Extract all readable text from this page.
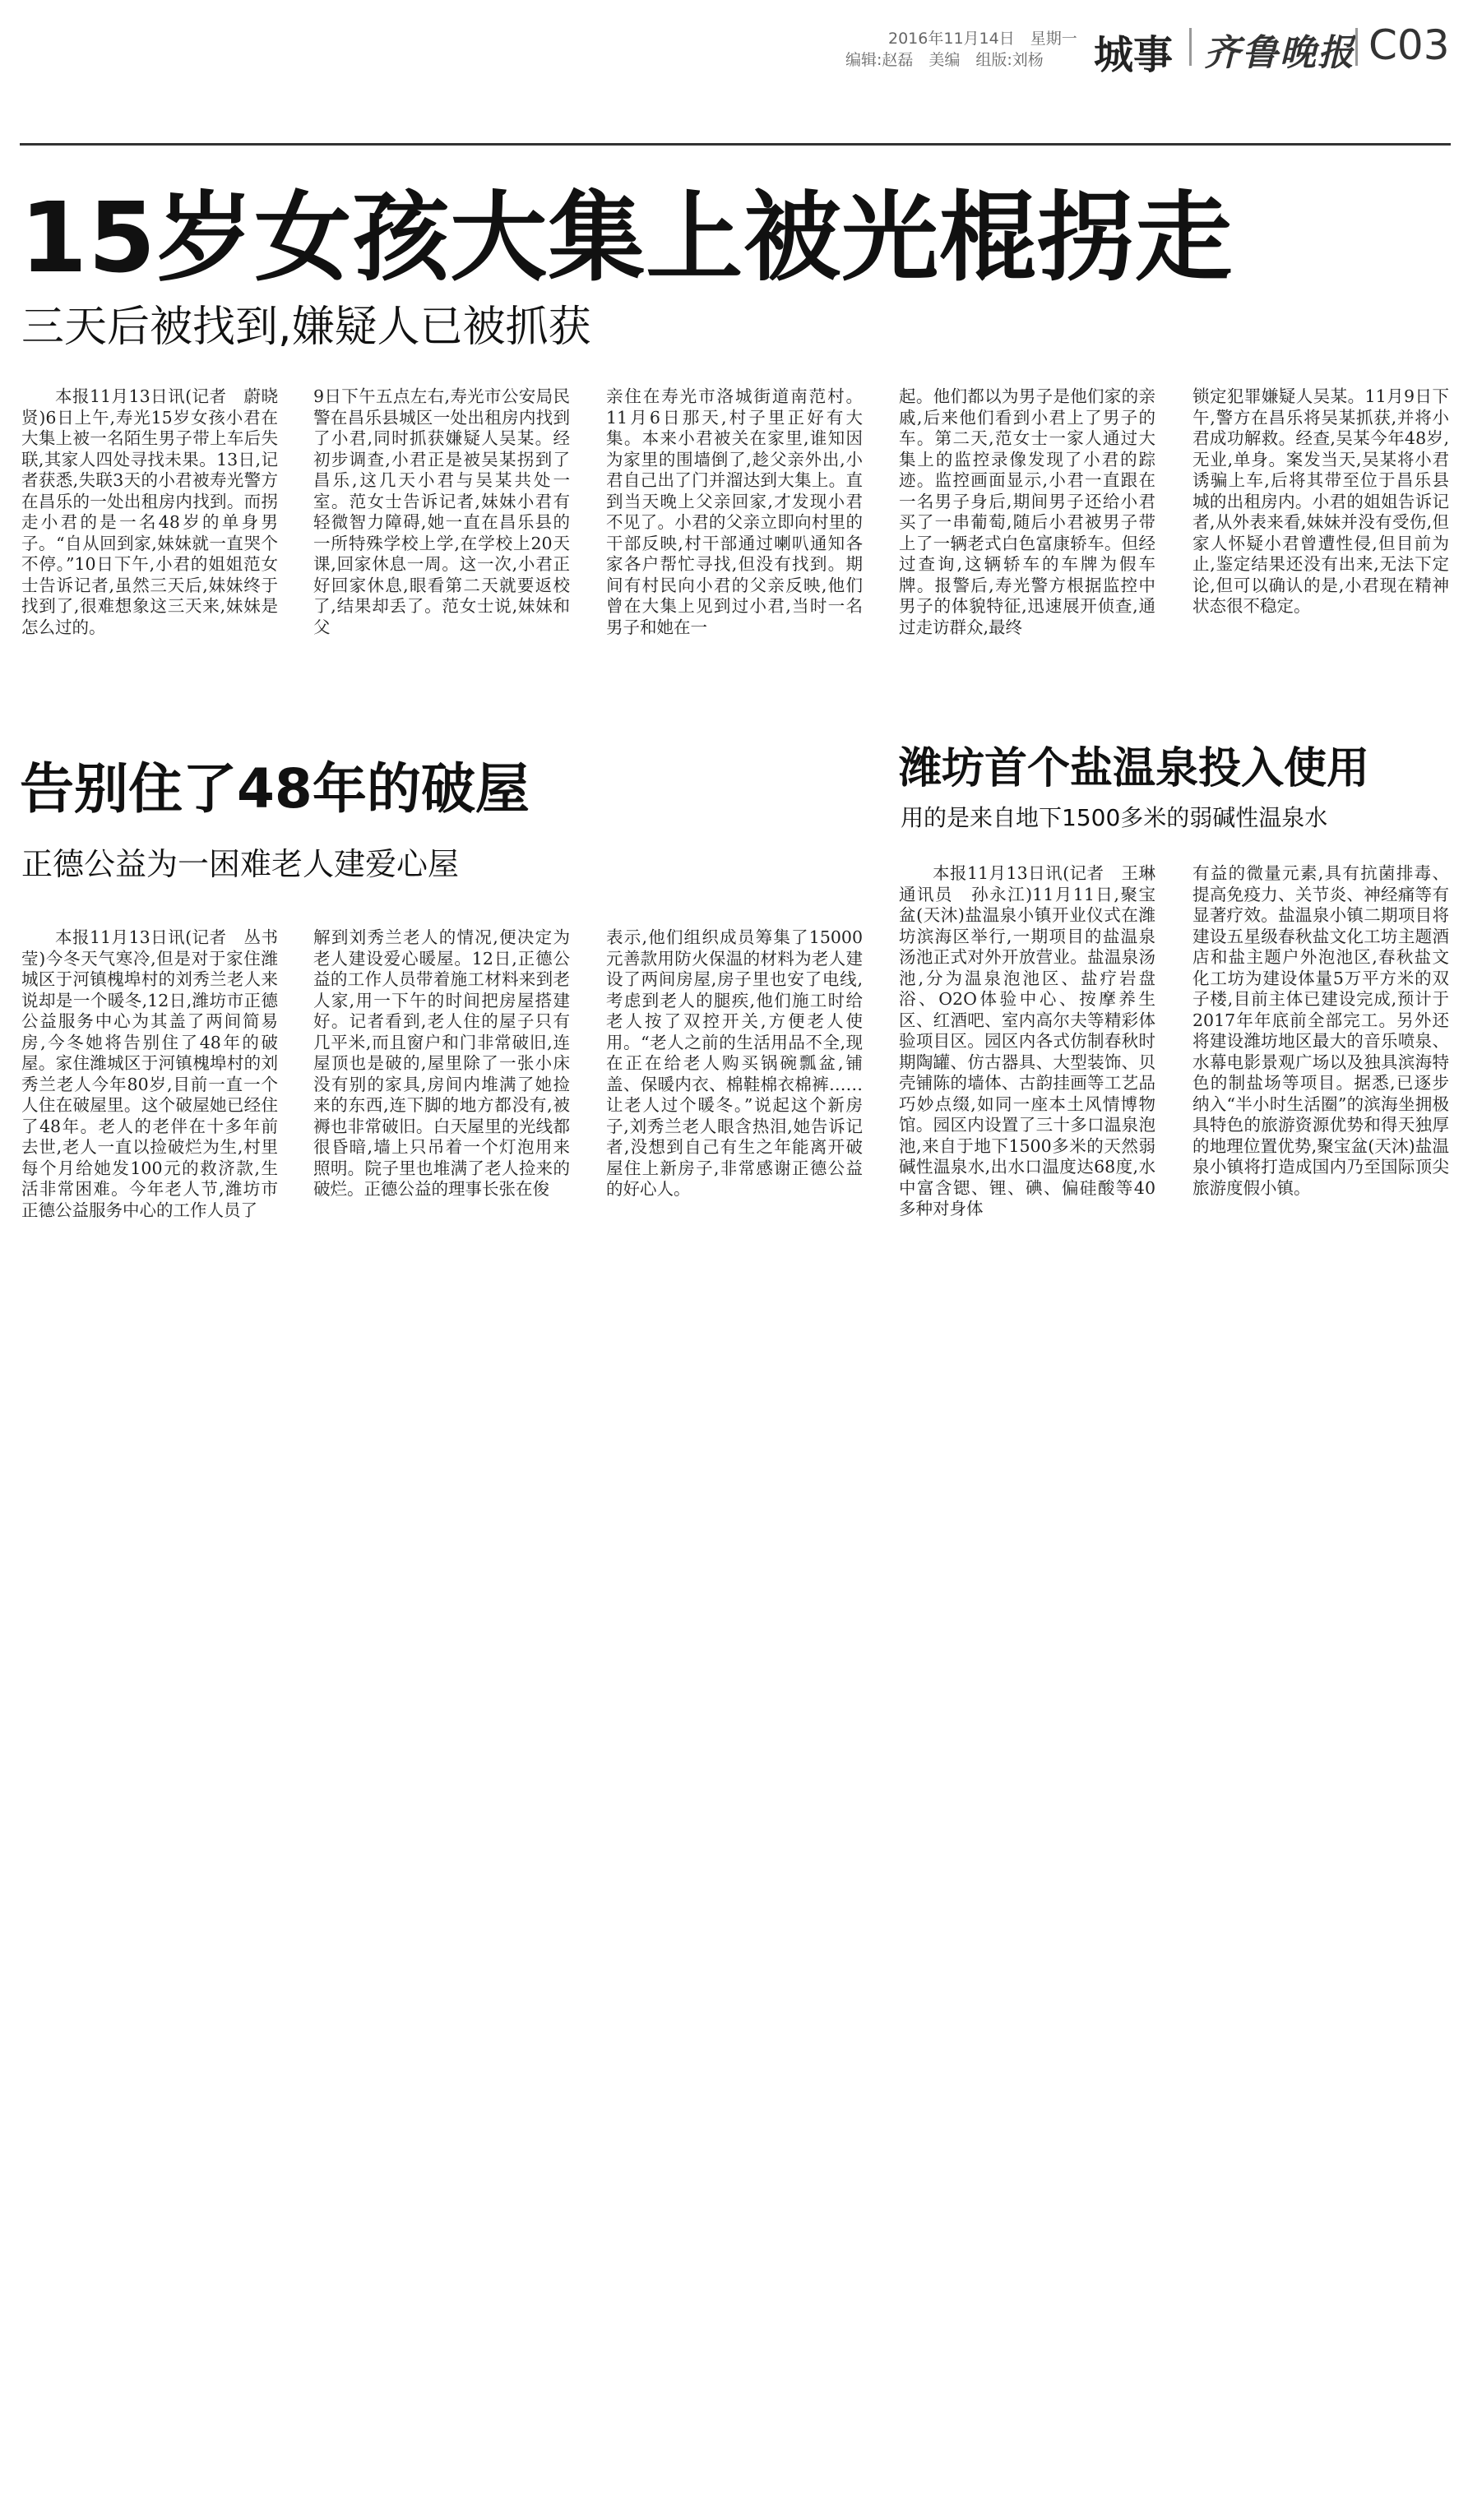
2016年11月14日　星期一
编辑:赵磊　美编　组版:刘杨 城事 齐鲁晚报 C03
15岁女孩大集上被光棍拐走
三天后被找到,嫌疑人已被抓获

本报11月13日讯(记者　蔚晓贤)6日上午,寿光15岁女孩小君在大集上被一名陌生男子带上车后失联,其家人四处寻找未果。13日,记者获悉,失联3天的小君被寿光警方在昌乐的一处出租房内找到。而拐走小君的是一名48岁的单身男子。“自从回到家,妹妹就一直哭个不停。”10日下午,小君的姐姐范女士告诉记者,虽然三天后,妹妹终于找到了,很难想象这三天来,妹妹是怎么过的。

9日下午五点左右,寿光市公安局民警在昌乐县城区一处出租房内找到了小君,同时抓获嫌疑人吴某。经初步调查,小君正是被吴某拐到了昌乐,这几天小君与吴某共处一室。范女士告诉记者,妹妹小君有轻微智力障碍,她一直在昌乐县的一所特殊学校上学,在学校上20天课,回家休息一周。这一次,小君正好回家休息,眼看第二天就要返校了,结果却丢了。范女士说,妹妹和父

亲住在寿光市洛城街道南范村。11月6日那天,村子里正好有大集。本来小君被关在家里,谁知因为家里的围墙倒了,趁父亲外出,小君自己出了门并溜达到大集上。直到当天晚上父亲回家,才发现小君不见了。小君的父亲立即向村里的干部反映,村干部通过喇叭通知各家各户帮忙寻找,但没有找到。期间有村民向小君的父亲反映,他们曾在大集上见到过小君,当时一名男子和她在一

起。他们都以为男子是他们家的亲戚,后来他们看到小君上了男子的车。第二天,范女士一家人通过大集上的监控录像发现了小君的踪迹。监控画面显示,小君一直跟在一名男子身后,期间男子还给小君买了一串葡萄,随后小君被男子带上了一辆老式白色富康轿车。但经过查询,这辆轿车的车牌为假车牌。报警后,寿光警方根据监控中男子的体貌特征,迅速展开侦查,通过走访群众,最终

锁定犯罪嫌疑人吴某。11月9日下午,警方在昌乐将吴某抓获,并将小君成功解救。经查,吴某今年48岁,无业,单身。案发当天,吴某将小君诱骗上车,后将其带至位于昌乐县城的出租房内。小君的姐姐告诉记者,从外表来看,妹妹并没有受伤,但家人怀疑小君曾遭性侵,但目前为止,鉴定结果还没有出来,无法下定论,但可以确认的是,小君现在精神状态很不稳定。

告别住了48年的破屋
正德公益为一困难老人建爱心屋

本报11月13日讯(记者　丛书莹)今冬天气寒冷,但是对于家住潍城区于河镇槐埠村的刘秀兰老人来说却是一个暖冬,12日,潍坊市正德公益服务中心为其盖了两间简易房,今冬她将告别住了48年的破屋。家住潍城区于河镇槐埠村的刘秀兰老人今年80岁,目前一直一个人住在破屋里。这个破屋她已经住了48年。老人的老伴在十多年前去世,老人一直以捡破烂为生,村里每个月给她发100元的救济款,生活非常困难。今年老人节,潍坊市正德公益服务中心的工作人员了

解到刘秀兰老人的情况,便决定为老人建设爱心暖屋。12日,正德公益的工作人员带着施工材料来到老人家,用一下午的时间把房屋搭建好。记者看到,老人住的屋子只有几平米,而且窗户和门非常破旧,连屋顶也是破的,屋里除了一张小床没有别的家具,房间内堆满了她捡来的东西,连下脚的地方都没有,被褥也非常破旧。白天屋里的光线都很昏暗,墙上只吊着一个灯泡用来照明。院子里也堆满了老人捡来的破烂。正德公益的理事长张在俊

表示,他们组织成员筹集了15000元善款用防火保温的材料为老人建设了两间房屋,房子里也安了电线,考虑到老人的腿疾,他们施工时给老人按了双控开关,方便老人使用。“老人之前的生活用品不全,现在正在给老人购买锅碗瓢盆,铺盖、保暖内衣、棉鞋棉衣棉裤……让老人过个暖冬。”说起这个新房子,刘秀兰老人眼含热泪,她告诉记者,没想到自己有生之年能离开破屋住上新房子,非常感谢正德公益的好心人。

潍坊首个盐温泉投入使用
用的是来自地下1500多米的弱碱性温泉水

本报11月13日讯(记者　王琳　通讯员　孙永江)11月11日,聚宝盆(天沐)盐温泉小镇开业仪式在潍坊滨海区举行,一期项目的盐温泉汤池正式对外开放营业。盐温泉汤池,分为温泉泡池区、盐疗岩盘浴、O2O体验中心、按摩养生区、红酒吧、室内高尔夫等精彩体验项目区。园区内各式仿制春秋时期陶罐、仿古器具、大型装饰、贝壳铺陈的墙体、古韵挂画等工艺品巧妙点缀,如同一座本土风情博物馆。园区内设置了三十多口温泉泡池,来自于地下1500多米的天然弱碱性温泉水,出水口温度达68度,水中富含锶、锂、碘、偏硅酸等40多种对身体

有益的微量元素,具有抗菌排毒、提高免疫力、关节炎、神经痛等有显著疗效。盐温泉小镇二期项目将建设五星级春秋盐文化工坊主题酒店和盐主题户外泡池区,春秋盐文化工坊为建设体量5万平方米的双子楼,目前主体已建设完成,预计于2017年年底前全部完工。另外还将建设潍坊地区最大的音乐喷泉、水幕电影景观广场以及独具滨海特色的制盐场等项目。据悉,已逐步纳入“半小时生活圈”的滨海坐拥极具特色的旅游资源优势和得天独厚的地理位置优势,聚宝盆(天沐)盐温泉小镇将打造成国内乃至国际顶尖旅游度假小镇。
